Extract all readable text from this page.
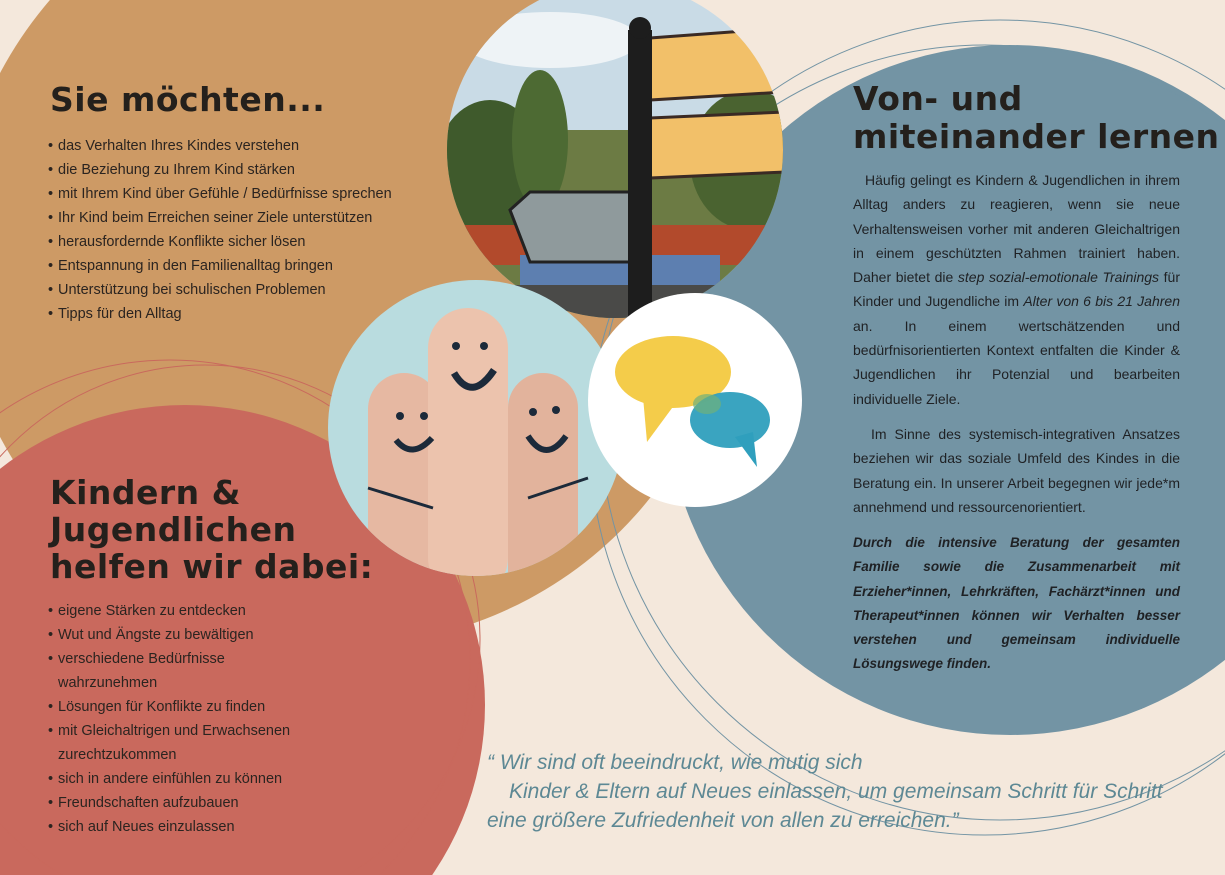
Sie möchten...
• das Verhalten Ihres Kindes verstehen
• die Beziehung zu Ihrem Kind stärken
• mit Ihrem Kind über Gefühle / Bedürfnisse sprechen
• Ihr Kind beim Erreichen seiner Ziele unterstützen
• herausfordernde Konflikte sicher lösen
• Entspannung in den Familienalltag bringen
• Unterstützung bei schulischen Problemen
• Tipps für den Alltag
Kindern &
Jugendlichen
helfen wir dabei:
• eigene Stärken zu entdecken
• Wut und Ängste zu bewältigen
• verschiedene Bedürfnisse wahrzunehmen
• Lösungen für Konflikte zu finden
• mit Gleichaltrigen und Erwachsenen zurechtzukommen
• sich in andere einfühlen zu können
• Freundschaften aufzubauen
• sich auf Neues einzulassen
Von- und
miteinander lernen

Häufig gelingt es Kindern & Jugendlichen in ihrem Alltag anders zu reagieren, wenn sie neue Verhaltensweisen vorher mit anderen Gleichaltrigen in einem geschützten Rahmen trainiert haben. Daher bietet die step sozial-emotionale Trainings für Kinder und Jugendliche im Alter von 6 bis 21 Jahren an. In einem wertschätzenden und bedürfnisorientierten Kontext entfalten die Kinder & Jugendlichen ihr Potenzial und bearbeiten individuelle Ziele.

Im Sinne des systemisch-integrativen Ansatzes beziehen wir das soziale Umfeld des Kindes in die Beratung ein. In unserer Arbeit begegnen wir jede*m annehmend und ressourcenorientiert.

Durch die intensive Beratung der gesamten Familie sowie die Zusammenarbeit mit Erzieher*innen, Lehrkräften, Fachärzt*innen und Therapeut*innen können wir Verhalten besser verstehen und gemeinsam individuelle Lösungswege finden.

“ Wir sind oft beeindruckt, wie mutig sich

Kinder & Eltern auf Neues einlassen, um gemeinsam Schritt für Schritt

eine größere Zufriedenheit von allen zu erreichen.”
